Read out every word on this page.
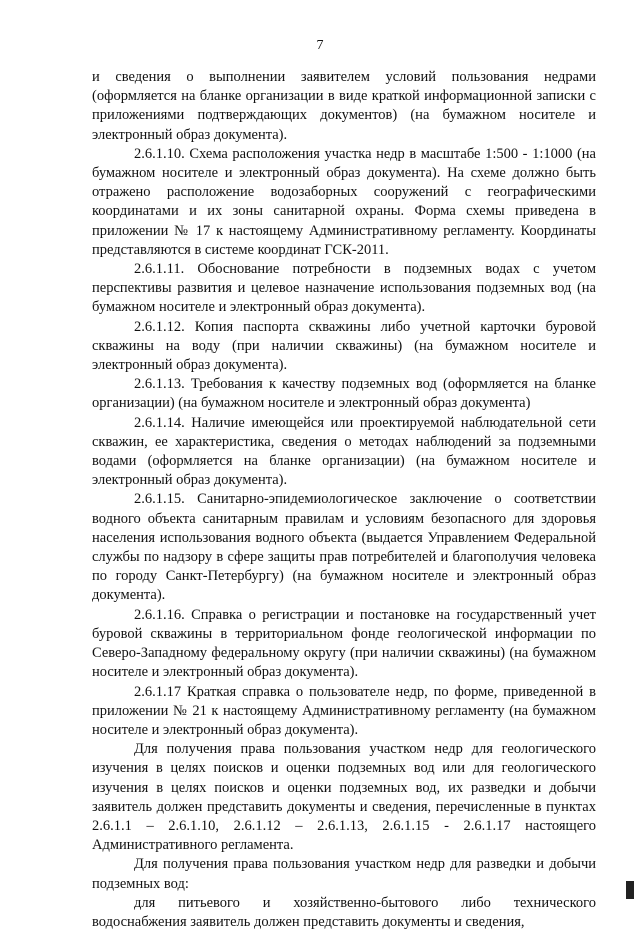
7

и сведения о выполнении заявителем условий пользования недрами (оформляется на бланке организации в виде краткой информационной записки с приложениями подтверждающих документов) (на бумажном носителе и электронный образ документа).

2.6.1.10. Схема расположения участка недр в масштабе 1:500 - 1:1000 (на бумажном носителе и электронный образ документа). На схеме должно быть отражено расположение водозаборных сооружений с географическими координатами и их зоны санитарной охраны. Форма схемы приведена в приложении № 17 к настоящему Административному регламенту. Координаты представляются в системе координат ГСК-2011.

2.6.1.11. Обоснование потребности в подземных водах с учетом перспективы развития и целевое назначение использования подземных вод (на бумажном носителе и электронный образ документа).

2.6.1.12. Копия паспорта скважины либо учетной карточки буровой скважины на воду (при наличии скважины) (на бумажном носителе и электронный образ документа).

2.6.1.13. Требования к качеству подземных вод (оформляется на бланке организации) (на бумажном носителе и электронный образ документа)

2.6.1.14. Наличие имеющейся или проектируемой наблюдательной сети скважин, ее характеристика, сведения о методах наблюдений за подземными водами (оформляется на бланке организации) (на бумажном носителе и электронный образ документа).

2.6.1.15. Санитарно-эпидемиологическое заключение о соответствии водного объекта санитарным правилам и условиям безопасного для здоровья населения использования водного объекта (выдается Управлением Федеральной службы по надзору в сфере защиты прав потребителей и благополучия человека по городу Санкт-Петербургу) (на бумажном носителе и электронный образ документа).

2.6.1.16. Справка о регистрации и постановке на государственный учет буровой скважины в территориальном фонде геологической информации по Северо-Западному федеральному округу (при наличии скважины) (на бумажном носителе и электронный образ документа).

2.6.1.17 Краткая справка о пользователе недр, по форме, приведенной в приложении № 21 к настоящему Административному регламенту (на бумажном носителе и электронный образ документа).

Для получения права пользования участком недр для геологического изучения в целях поисков и оценки подземных вод или для геологического изучения в целях поисков и оценки подземных вод, их разведки и добычи заявитель должен представить документы и сведения, перечисленные в пунктах 2.6.1.1 – 2.6.1.10, 2.6.1.12 – 2.6.1.13, 2.6.1.15 - 2.6.1.17 настоящего Административного регламента.

Для получения права пользования участком недр для разведки и добычи подземных вод:

для питьевого и хозяйственно-бытового либо технического водоснабжения заявитель должен представить документы и сведения,
